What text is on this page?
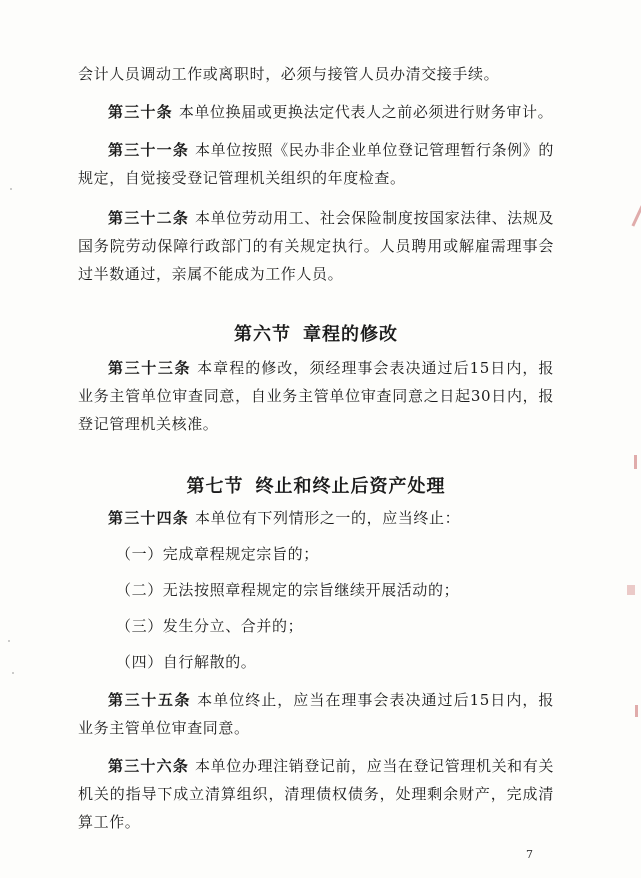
会计人员调动工作或离职时，必须与接管人员办清交接手续。

第三十条 本单位换届或更换法定代表人之前必须进行财务审计。

第三十一条 本单位按照《民办非企业单位登记管理暂行条例》的规定，自觉接受登记管理机关组织的年度检查。

第三十二条 本单位劳动用工、社会保险制度按国家法律、法规及国务院劳动保障行政部门的有关规定执行。人员聘用或解雇需理事会过半数通过，亲属不能成为工作人员。

第六节 章程的修改

第三十三条 本章程的修改，须经理事会表决通过后15日内，报业务主管单位审查同意，自业务主管单位审查同意之日起30日内，报登记管理机关核准。

第七节 终止和终止后资产处理

第三十四条 本单位有下列情形之一的，应当终止：

（一）完成章程规定宗旨的；

（二）无法按照章程规定的宗旨继续开展活动的；

（三）发生分立、合并的；

（四）自行解散的。

第三十五条 本单位终止，应当在理事会表决通过后15日内，报业务主管单位审查同意。

第三十六条 本单位办理注销登记前，应当在登记管理机关和有关机关的指导下成立清算组织，清理债权债务，处理剩余财产，完成清算工作。

7
